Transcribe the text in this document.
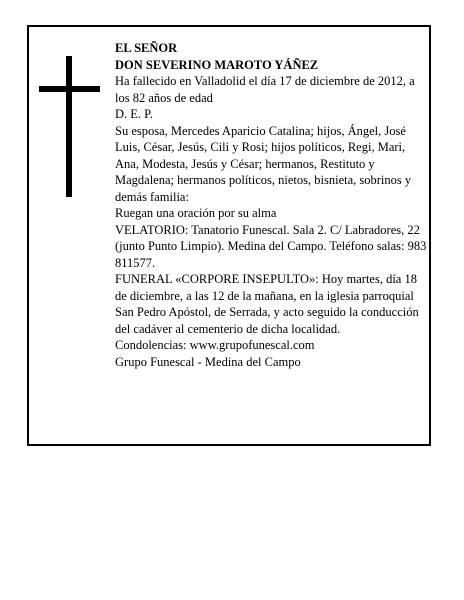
EL SEÑOR

DON SEVERINO MAROTO YÁÑEZ

Ha fallecido en Valladolid el día 17 de diciembre de 2012, a los 82 años de edad

D. E. P.

Su esposa, Mercedes Aparicio Catalina; hijos, Ángel, José Luis, César, Jesús, Cili y Rosi; hijos políticos, Regi, Mari, Ana, Modesta, Jesús y César; hermanos, Restituto y Magdalena; hermanos políticos, nietos, bisnieta, sobrinos y demás familia:

Ruegan una oración por su alma

VELATORIO: Tanatorio Funescal. Sala 2. C/ Labradores, 22 (junto Punto Limpio). Medina del Campo. Teléfono salas: 983 811577.

FUNERAL «CORPORE INSEPULTO»: Hoy martes, día 18 de diciembre, a las 12 de la mañana, en la iglesia parroquial San Pedro Apóstol, de Serrada, y acto seguido la conducción del cadáver al cementerio de dicha localidad.

Condolencias: www.grupofunescal.com

Grupo Funescal - Medina del Campo
